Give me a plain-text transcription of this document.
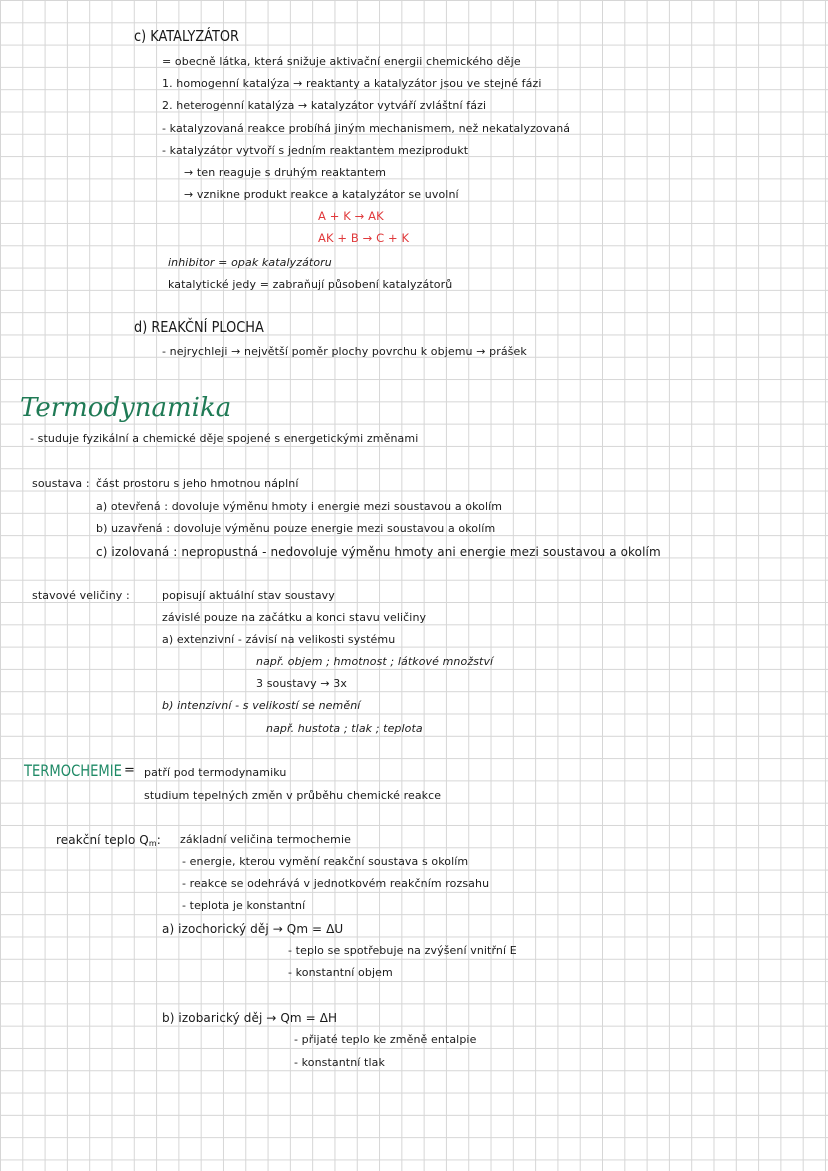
c) KATALYZÁTOR
= obecně látka, která snižuje aktivační energii chemického děje
1. homogenní katalýza → reaktanty a katalyzátor jsou ve stejné fázi
2. heterogenní katalýza → katalyzátor vytváří zvláštní fázi
- katalyzovaná reakce probíhá jiným mechanismem, než nekatalyzovaná
- katalyzátor vytvoří s jedním reaktantem meziprodukt
→ ten reaguje s druhým reaktantem
→ vznikne produkt reakce a katalyzátor se uvolní
A + K → AK
AK + B → C + K
inhibitor = opak katalyzátoru
katalytické jedy = zabraňují působení katalyzátorů
d) REAKČNÍ PLOCHA
- nejrychleji → největší poměr plochy povrchu k objemu → prášek
Termodynamika
- studuje fyzikální a chemické děje spojené s energetickými změnami
soustava : část prostoru s jeho hmotnou náplní
a) otevřená : dovoluje výměnu hmoty i energie mezi soustavou a okolím
b) uzavřená : dovoluje výměnu pouze energie mezi soustavou a okolím
c) izolovaná : nepropustná - nedovoluje výměnu hmoty ani energie mezi soustavou a okolím
stavové veličiny :	popisují aktuální stav soustavy
závislé pouze na začátku a konci stavu veličiny
a) extenzivní - závisí na velikosti systému
např. objem ; hmotnost ; látkové množství
3 soustavy → 3x
b) intenzivní - s velikostí se nemění
např. hustota ; tlak ; teplota
TERMOCHEMIE = patří pod termodynamiku
studium tepelných změn v průběhu chemické reakce
reakční teplo $Q_m$: základní veličina termochemie
- energie, kterou vymění reakční soustava s okolím
- reakce se odehrává v jednotkovém reakčním rozsahu
- teplota je konstantní
a) izochorický děj → Qm = ΔU
- teplo se spotřebuje na zvýšení vnitřní E
- konstantní objem
b) izobarický děj → Qm = ΔH
- přijaté teplo ke změně entalpie
- konstantní tlak
